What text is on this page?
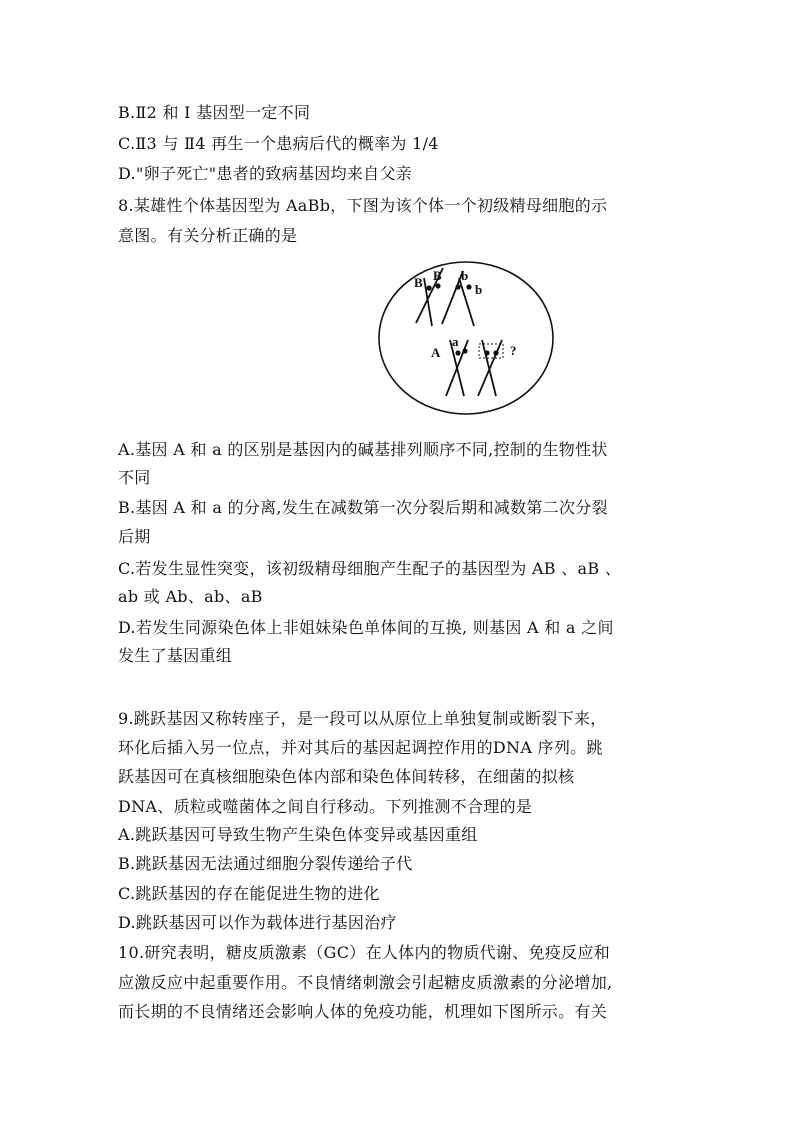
B.Ⅱ2 和 I 基因型一定不同
C.Ⅱ3 与 Ⅱ4 再生一个患病后代的概率为 1/4
D."卵子死亡"患者的致病基因均来自父亲
8.某雄性个体基因型为 AaBb，下图为该个体一个初级精母细胞的示
意图。有关分析正确的是
B B b
b
A
a
?
A.基因 A 和 a 的区别是基因内的碱基排列顺序不同,控制的生物性状
不同
B.基因 A 和 a 的分离,发生在减数第一次分裂后期和减数第二次分裂
后期
C.若发生显性突变，该初级精母细胞产生配子的基因型为 AB 、aB 、
ab 或 Ab、ab、aB
D.若发生同源染色体上非姐妹染色单体间的互换, 则基因 A 和 a 之间
发生了基因重组
9.跳跃基因又称转座子，是一段可以从原位上单独复制或断裂下来，
环化后插入另一位点，并对其后的基因起调控作用的DNA 序列。跳
跃基因可在真核细胞染色体内部和染色体间转移，在细菌的拟核
DNA、质粒或噬菌体之间自行移动。下列推测不合理的是
A.跳跃基因可导致生物产生染色体变异或基因重组
B.跳跃基因无法通过细胞分裂传递给子代
C.跳跃基因的存在能促进生物的进化
D.跳跃基因可以作为载体进行基因治疗
10.研究表明，糖皮质激素（GC）在人体内的物质代谢、免疫反应和
应激反应中起重要作用。不良情绪刺激会引起糖皮质激素的分泌增加,
而长期的不良情绪还会影响人体的免疫功能，机理如下图所示。有关
